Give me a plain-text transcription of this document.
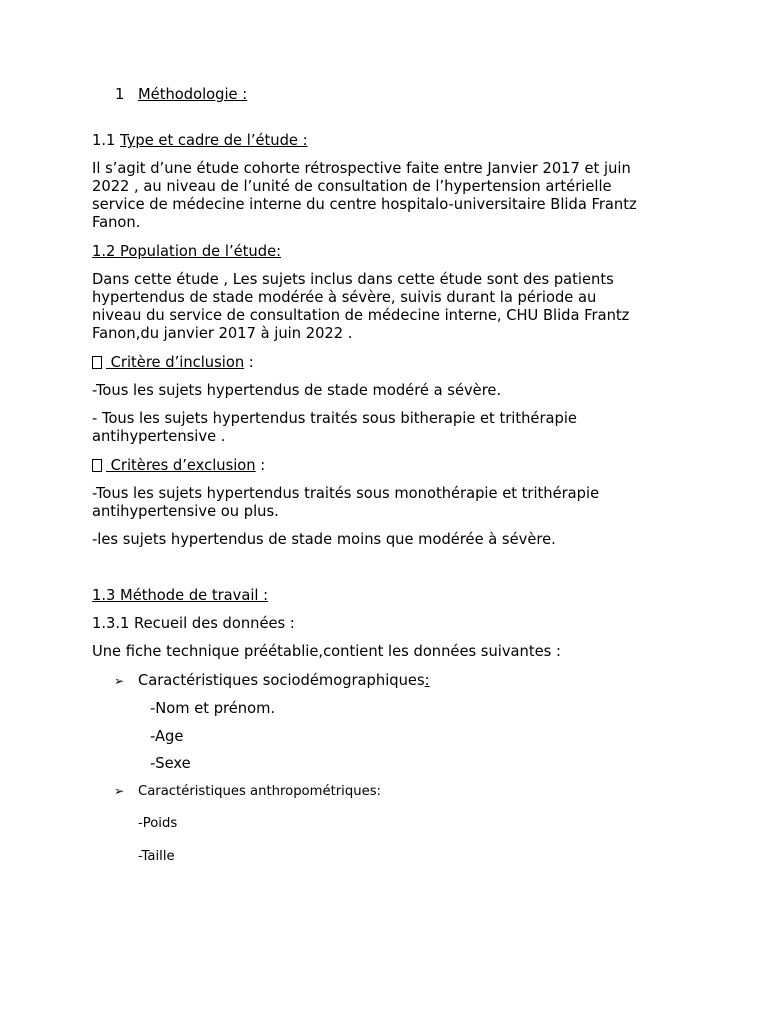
1 Méthodologie :
1.1 Type et cadre de l’étude :
Il s’agit d’une étude cohorte rétrospective faite entre Janvier 2017 et juin
2022 , au niveau de l’unité de consultation de l’hypertension artérielle
service de médecine interne du centre hospitalo-universitaire Blida Frantz
Fanon.
1.2 Population de l’étude:
Dans cette étude , Les sujets inclus dans cette étude sont des patients
hypertendus de stade modérée à sévère, suivis durant la période au
niveau du service de consultation de médecine interne, CHU Blida Frantz
Fanon,du janvier 2017 à juin 2022 .
Critère d’inclusion :
-Tous les sujets hypertendus de stade modéré a sévère.
- Tous les sujets hypertendus traités sous bitherapie et trithérapie
antihypertensive .
Critères d’exclusion :
-Tous les sujets hypertendus traités sous monothérapie et trithérapie
antihypertensive ou plus.
-les sujets hypertendus de stade moins que modérée à sévère.
1.3 Méthode de travail :
1.3.1 Recueil des données :
Une fiche technique préétablie,contient les données suivantes :
➢ Caractéristiques sociodémographiques:
-Nom et prénom.
-Age
-Sexe
➢ Caractéristiques anthropométriques:
-Poids
-Taille
